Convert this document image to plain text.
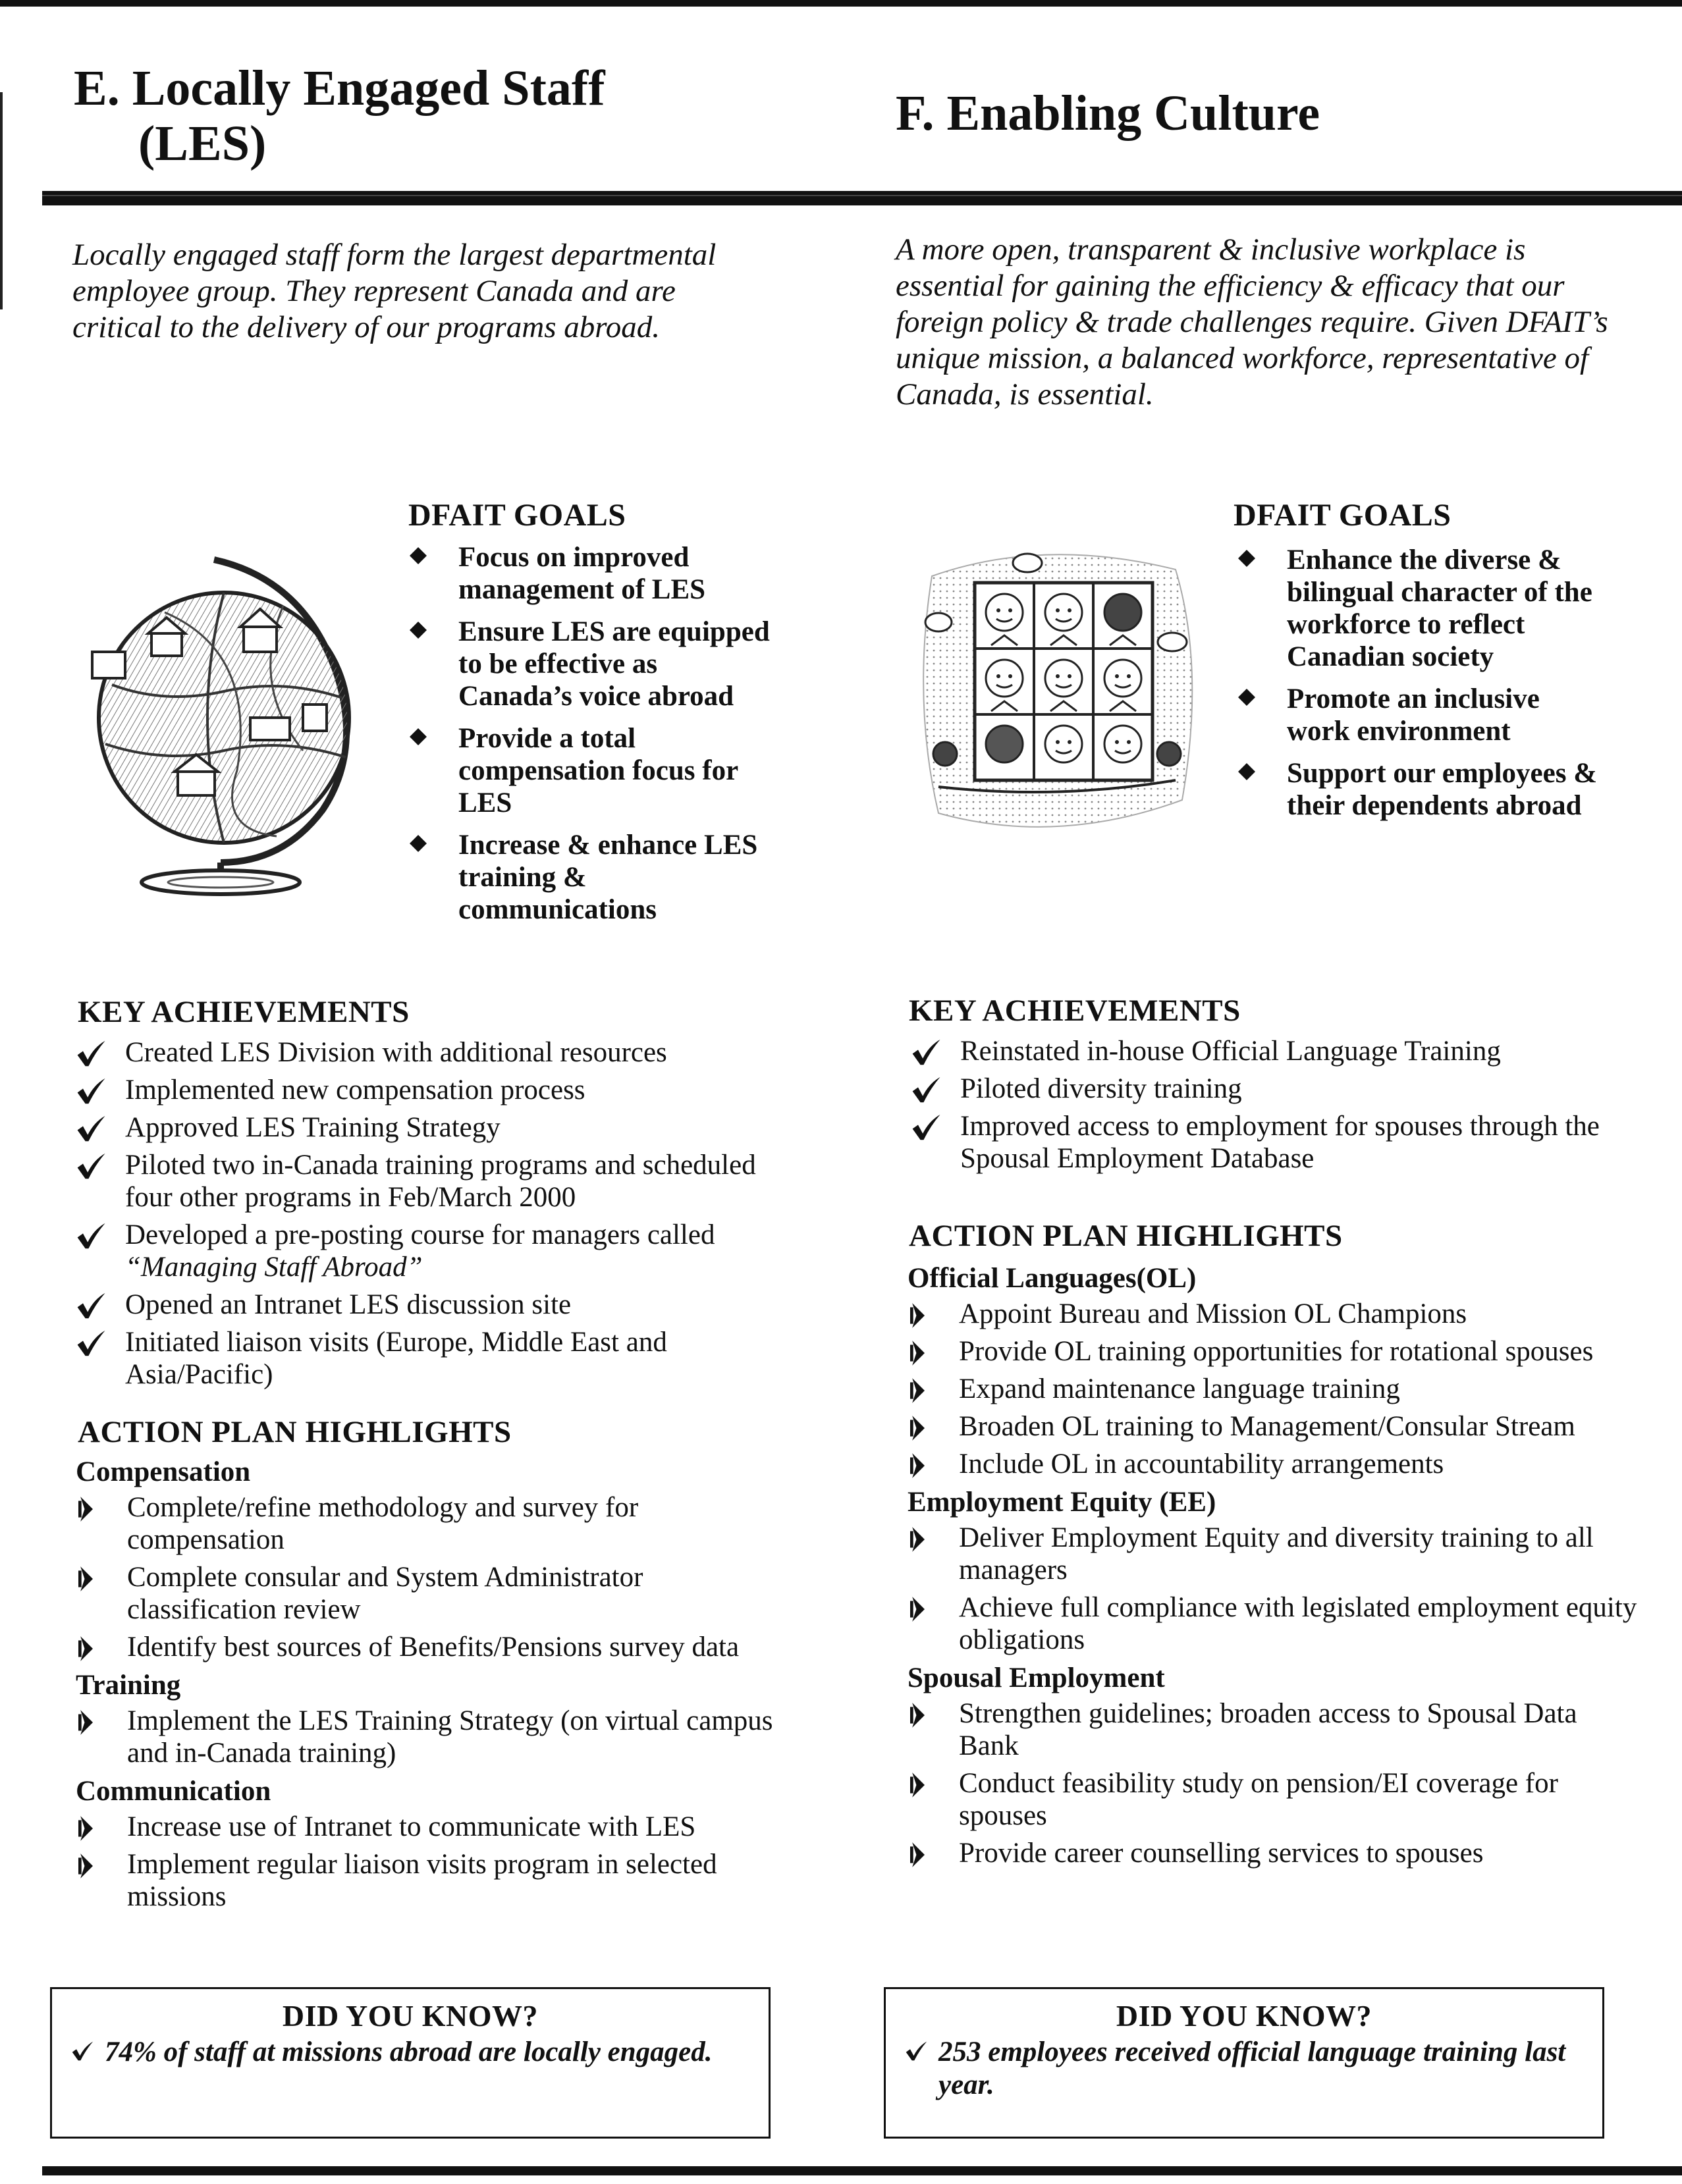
E. Locally Engaged Staff
(LES)
F. Enabling Culture

Locally engaged staff form the largest departmental employee group. They represent Canada and are critical to the delivery of our programs abroad.

A more open, transparent & inclusive workplace is essential for gaining the efficiency & efficacy that our foreign policy & trade challenges require. Given DFAIT’s unique mission, a balanced workforce, representative of Canada, is essential.

DFAIT GOALS
Focus on improved management of LES
Ensure LES are equipped to be effective as Canada’s voice abroad
Provide a total compensation focus for LES
Increase & enhance LES training & communications
DFAIT GOALS
Enhance the diverse & bilingual character of the workforce to reflect Canadian society
Promote an inclusive work environment
Support our employees & their dependents abroad
KEY ACHIEVEMENTS
Created LES Division with additional resources
Implemented new compensation process
Approved LES Training Strategy
Piloted two in-Canada training programs and scheduled four other programs in Feb/March 2000
Developed a pre-posting course for managers called “Managing Staff Abroad”
Opened an Intranet LES discussion site
Initiated liaison visits (Europe, Middle East and Asia/Pacific)
KEY ACHIEVEMENTS
Reinstated in-house Official Language Training
Piloted diversity training
Improved access to employment for spouses through the Spousal Employment Database
ACTION PLAN HIGHLIGHTS
Compensation
Complete/refine methodology and survey for compensation
Complete consular and System Administrator classification review
Identify best sources of Benefits/Pensions survey data
Training
Implement the LES Training Strategy (on virtual campus and in-Canada training)
Communication
Increase use of Intranet to communicate with LES
Implement regular liaison visits program in selected missions
ACTION PLAN HIGHLIGHTS
Official Languages(OL)
Appoint Bureau and Mission OL Champions
Provide OL training opportunities for rotational spouses
Expand maintenance language training
Broaden OL training to Management/Consular Stream
Include OL in accountability arrangements
Employment Equity (EE)
Deliver Employment Equity and diversity training to all managers
Achieve full compliance with legislated employment equity obligations
Spousal Employment
Strengthen guidelines; broaden access to Spousal Data Bank
Conduct feasibility study on pension/EI coverage for spouses
Provide career counselling services to spouses
DID YOU KNOW?
74% of staff at missions abroad are locally engaged.
DID YOU KNOW?
253 employees received official language training last year.
